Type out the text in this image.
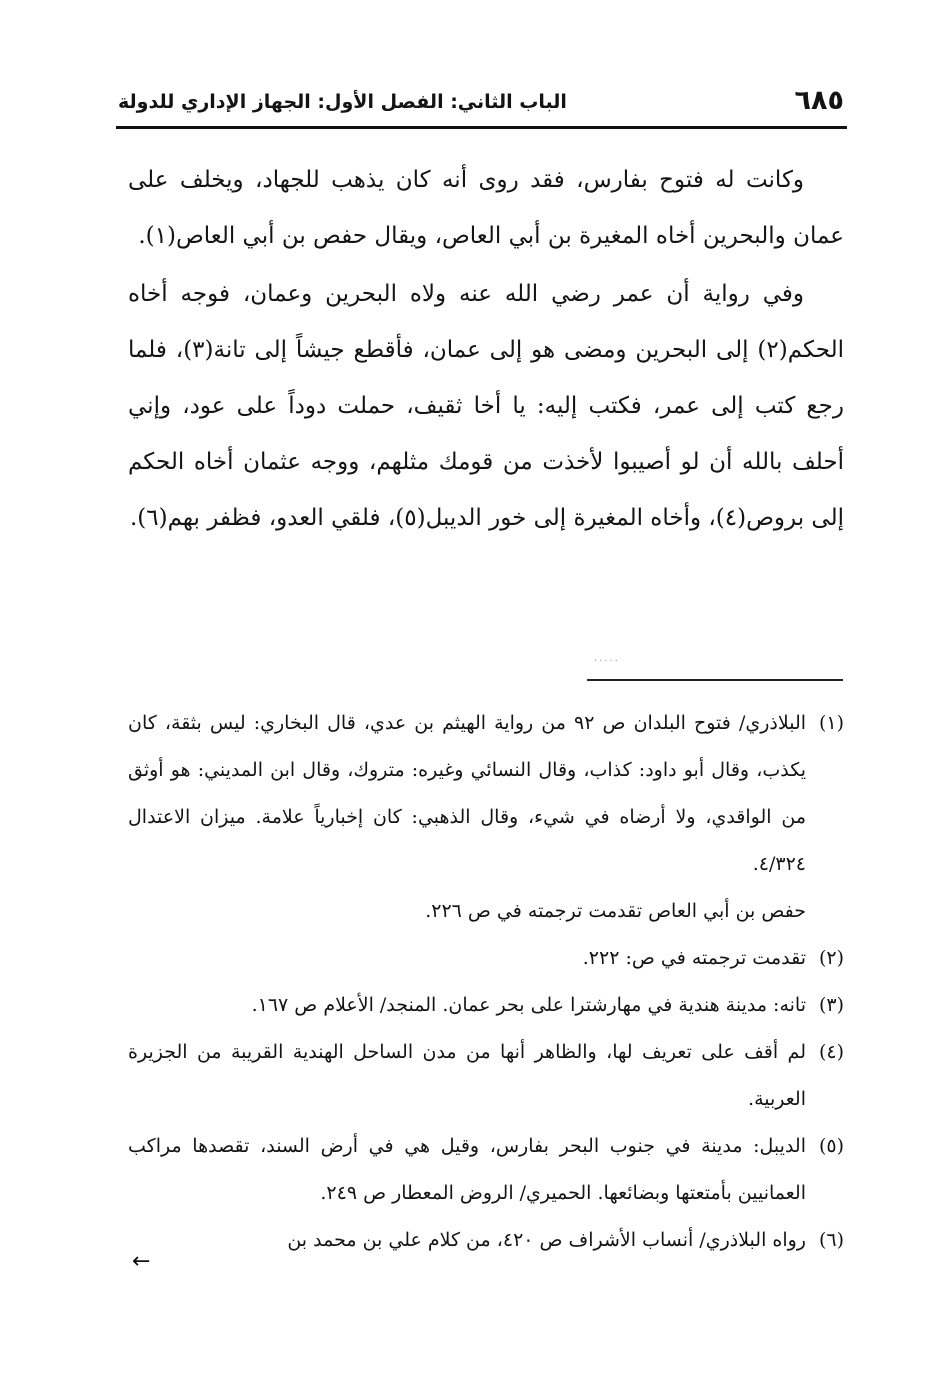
٦٨٥
الباب الثاني: الفصل الأول: الجهاز الإداري للدولة

وكانت له فتوح بفارس، فقد روى أنه كان يذهب للجهاد، ويخلف على عمان والبحرين أخاه المغيرة بن أبي العاص، ويقال حفص بن أبي العاص(١).

وفي رواية أن عمر رضي الله عنه ولاه البحرين وعمان، فوجه أخاه الحكم(٢) إلى البحرين ومضى هو إلى عمان، فأقطع جيشاً إلى تانة(٣)، فلما رجع كتب إلى عمر، فكتب إليه: يا أخا ثقيف، حملت دوداً على عود، وإني أحلف بالله أن لو أصيبوا لأخذت من قومك مثلهم، ووجه عثمان أخاه الحكم إلى بروص(٤)، وأخاه المغيرة إلى خور الديبل(٥)، فلقي العدو، فظفر بهم(٦).

.....
(١)

البلاذري/ فتوح البلدان ص ٩٢ من رواية الهيثم بن عدي، قال البخاري: ليس بثقة، كان يكذب، وقال أبو داود: كذاب، وقال النسائي وغيره: متروك، وقال ابن المديني: هو أوثق من الواقدي، ولا أرضاه في شيء، وقال الذهبي: كان إخبارياً علامة. ميزان الاعتدال ٤/٣٢٤.

حفص بن أبي العاص تقدمت ترجمته في ص ٢٢٦.
(٢)
تقدمت ترجمته في ص: ٢٢٢.
(٣)
تانه: مدينة هندية في مهارشترا على بحر عمان. المنجد/ الأعلام ص ١٦٧.
(٤)
لم أقف على تعريف لها، والظاهر أنها من مدن الساحل الهندية القريبة من الجزيرة العربية.
(٥)
الديبل: مدينة في جنوب البحر بفارس، وقيل هي في أرض السند، تقصدها مراكب العمانيين بأمتعتها وبضائعها. الحميري/ الروض المعطار ص ٢٤٩.
(٦)
رواه البلاذري/ أنساب الأشراف ص ٤٢٠، من كلام علي بن محمد بن
←
